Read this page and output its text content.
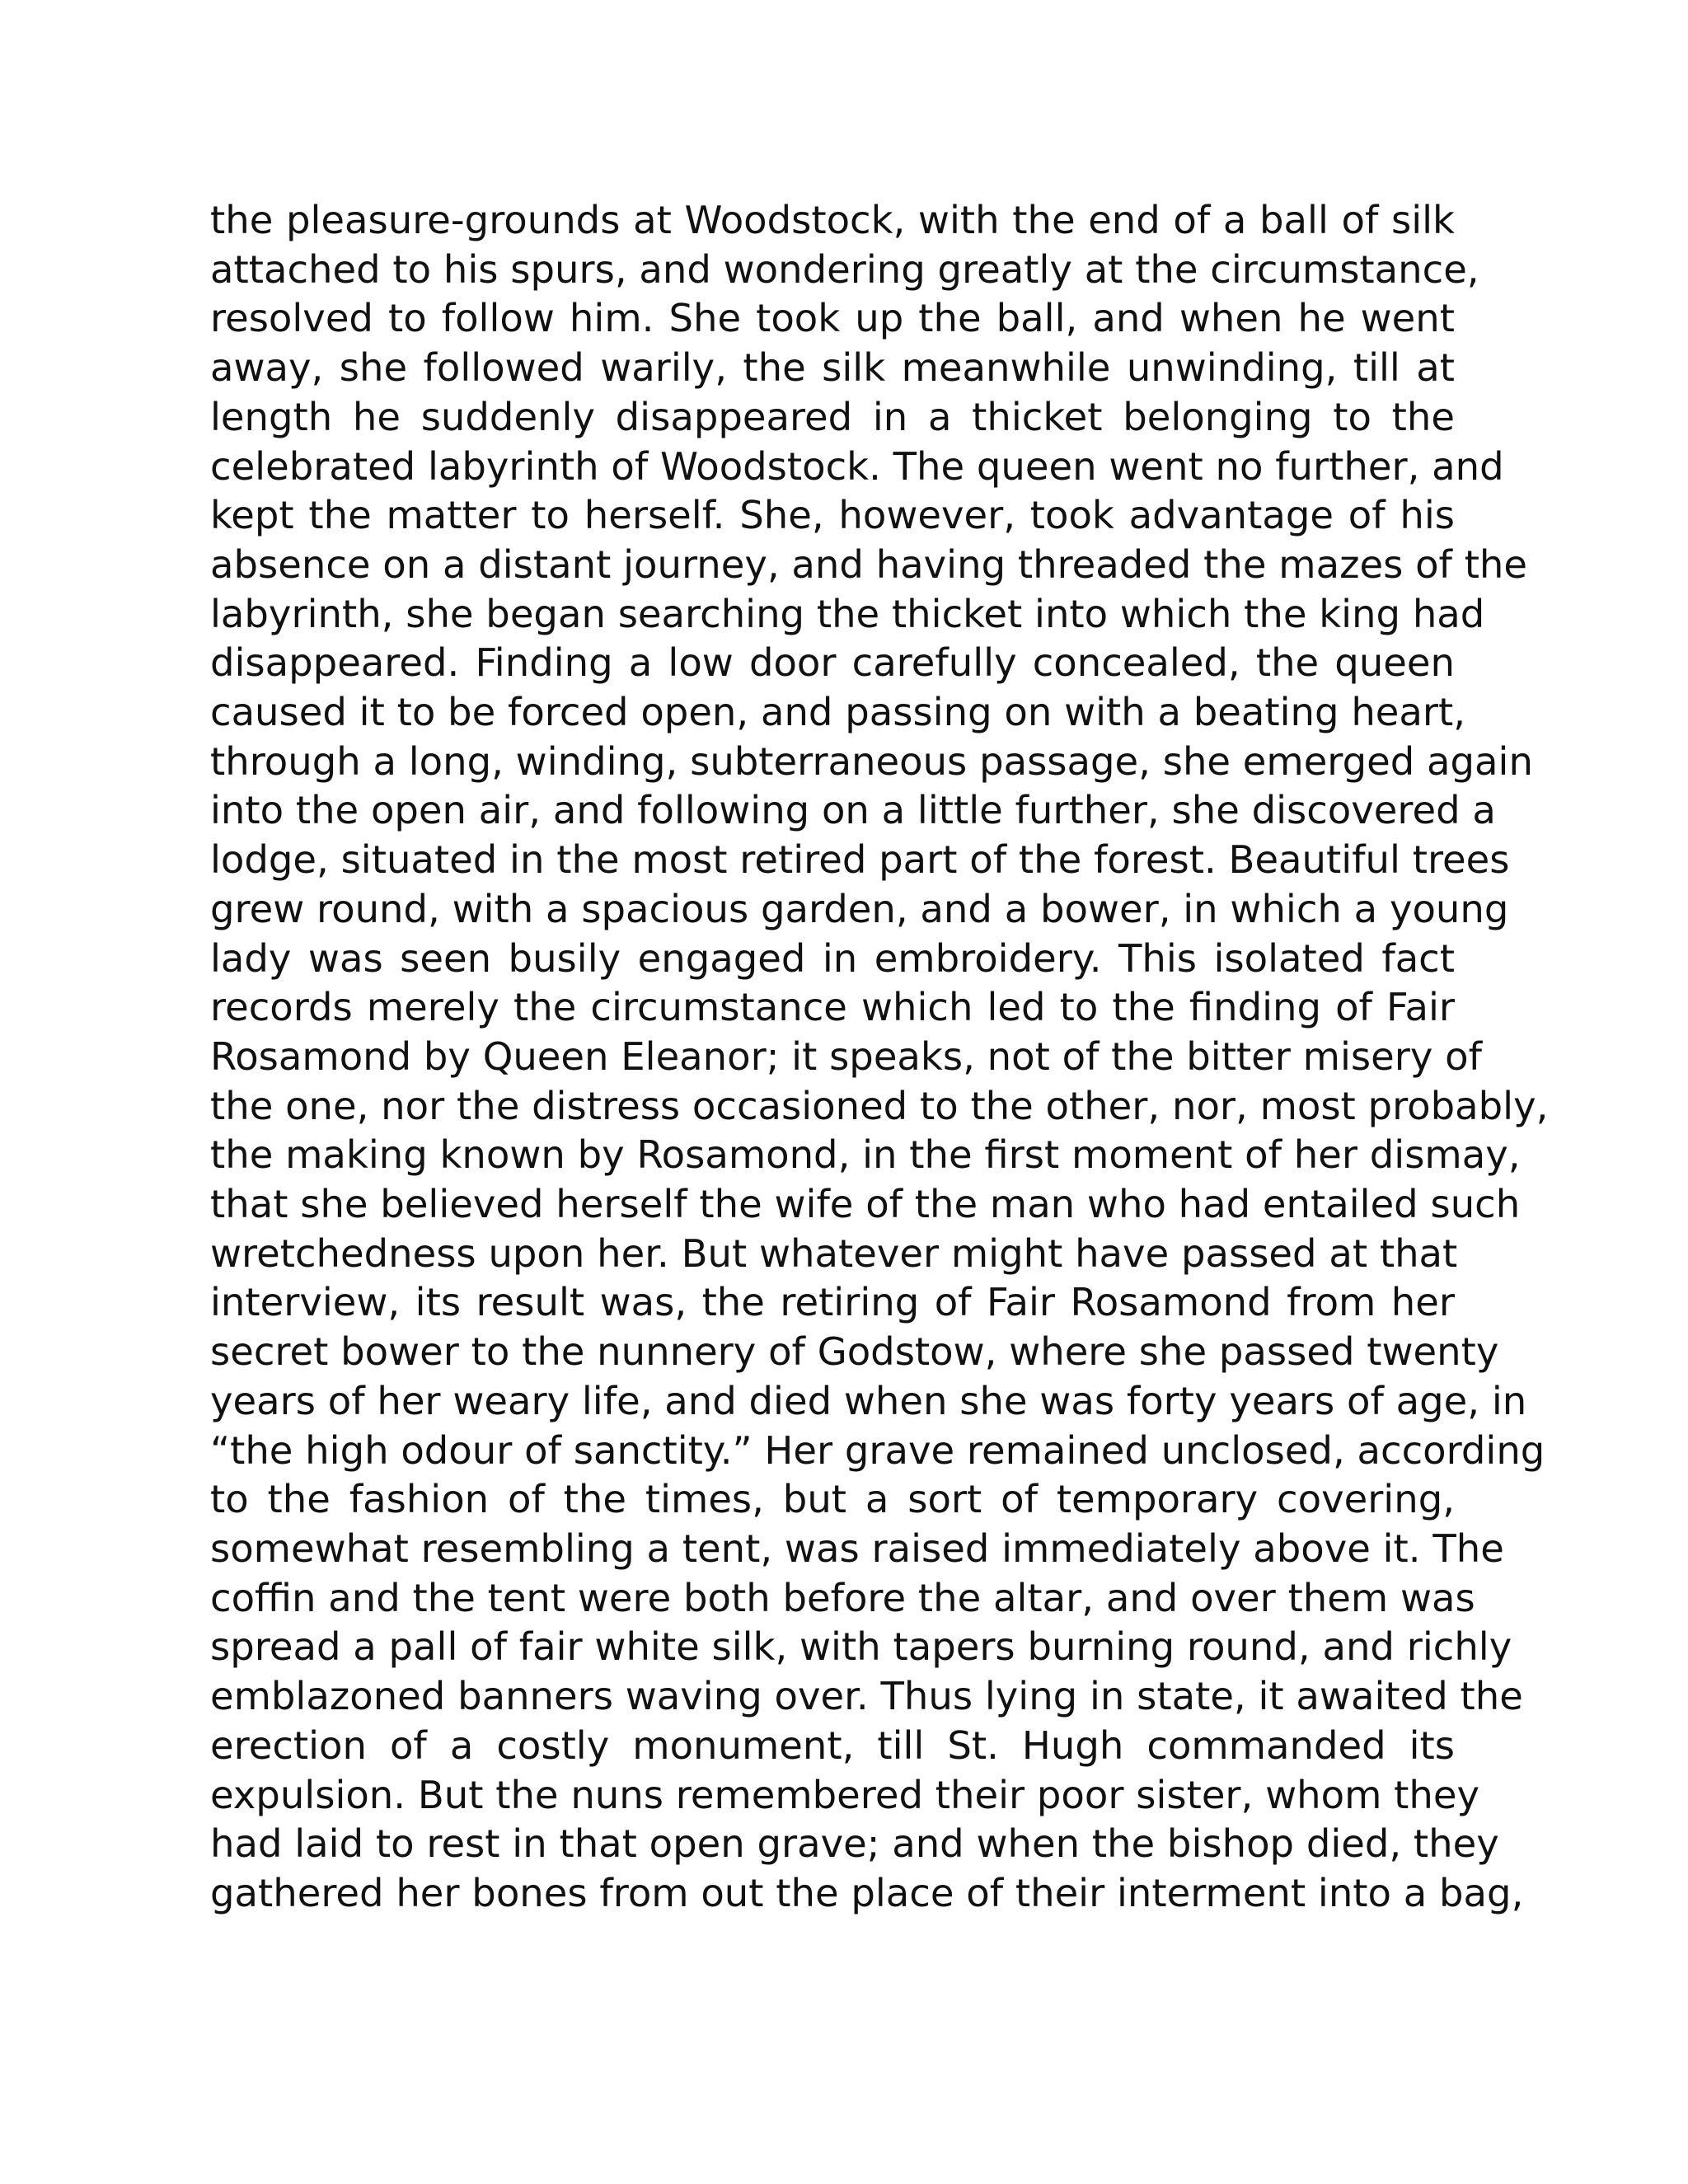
the pleasure-grounds at Woodstock, with the end of a ball of silk
attached to his spurs, and wondering greatly at the circumstance,
resolved to follow him. She took up the ball, and when he went
away, she followed warily, the silk meanwhile unwinding, till at
length he suddenly disappeared in a thicket belonging to the
celebrated labyrinth of Woodstock. The queen went no further, and
kept the matter to herself. She, however, took advantage of his
absence on a distant journey, and having threaded the mazes of the
labyrinth, she began searching the thicket into which the king had
disappeared. Finding a low door carefully concealed, the queen
caused it to be forced open, and passing on with a beating heart,
through a long, winding, subterraneous passage, she emerged again
into the open air, and following on a little further, she discovered a
lodge, situated in the most retired part of the forest. Beautiful trees
grew round, with a spacious garden, and a bower, in which a young
lady was seen busily engaged in embroidery. This isolated fact
records merely the circumstance which led to the finding of Fair
Rosamond by Queen Eleanor; it speaks, not of the bitter misery of
the one, nor the distress occasioned to the other, nor, most probably,
the making known by Rosamond, in the first moment of her dismay,
that she believed herself the wife of the man who had entailed such
wretchedness upon her. But whatever might have passed at that
interview, its result was, the retiring of Fair Rosamond from her
secret bower to the nunnery of Godstow, where she passed twenty
years of her weary life, and died when she was forty years of age, in
“the high odour of sanctity.” Her grave remained unclosed, according
to the fashion of the times, but a sort of temporary covering,
somewhat resembling a tent, was raised immediately above it. The
coffin and the tent were both before the altar, and over them was
spread a pall of fair white silk, with tapers burning round, and richly
emblazoned banners waving over. Thus lying in state, it awaited the
erection of a costly monument, till St. Hugh commanded its
expulsion. But the nuns remembered their poor sister, whom they
had laid to rest in that open grave; and when the bishop died, they
gathered her bones from out the place of their interment into a bag,
